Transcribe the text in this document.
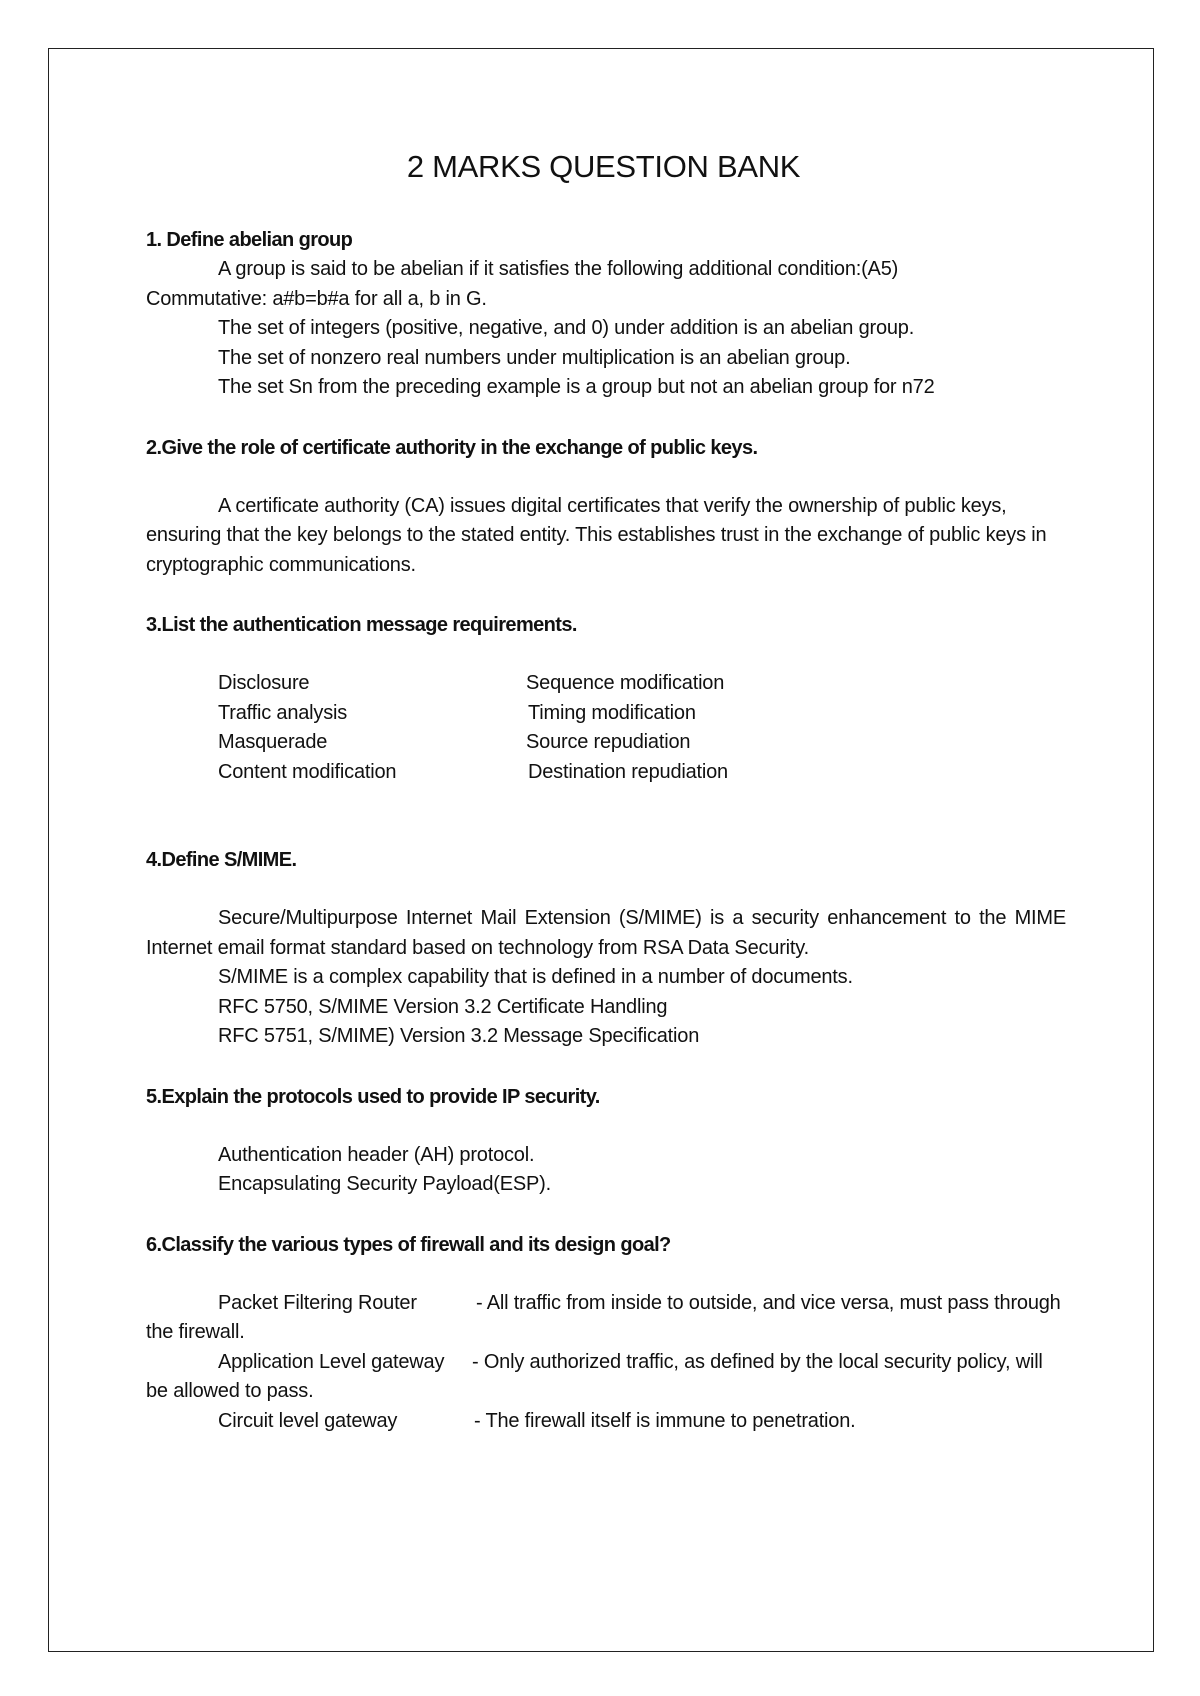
2 MARKS QUESTION BANK

1. Define abelian group

A group is said to be abelian if it satisfies the following additional condition:(A5)
Commutative: a#b=b#a for all a, b in G.

The set of integers (positive, negative, and 0) under addition is an abelian group.

The set of nonzero real numbers under multiplication is an abelian group.

The set Sn from the preceding example is a group but not an abelian group for n72

2.Give the role of certificate authority in the exchange of public keys.

A certificate authority (CA) issues digital certificates that verify the ownership of public keys, ensuring that the key belongs to the stated entity. This establishes trust in the exchange of public keys in cryptographic communications.

3.List the authentication message requirements.

Disclosure	Sequence modification
Traffic analysis	Timing modification
Masquerade	Source repudiation
Content modification	Destination repudiation

4.Define S/MIME.

Secure/Multipurpose Internet Mail Extension (S/MIME) is a security enhancement to the MIME Internet email format standard based on technology from RSA Data Security.

S/MIME is a complex capability that is defined in a number of documents.

RFC 5750, S/MIME Version 3.2 Certificate Handling

RFC 5751, S/MIME) Version 3.2 Message Specification

5.Explain the protocols used to provide IP security.

Authentication header (AH) protocol.

Encapsulating Security Payload(ESP).

6.Classify the various types of firewall and its design goal?

Packet Filtering Router	- All traffic from inside to outside, and vice versa, must pass through the firewall.

Application Level gateway - Only authorized traffic, as defined by the local security policy, will be allowed to pass.

Circuit level gateway	- The firewall itself is immune to penetration.
